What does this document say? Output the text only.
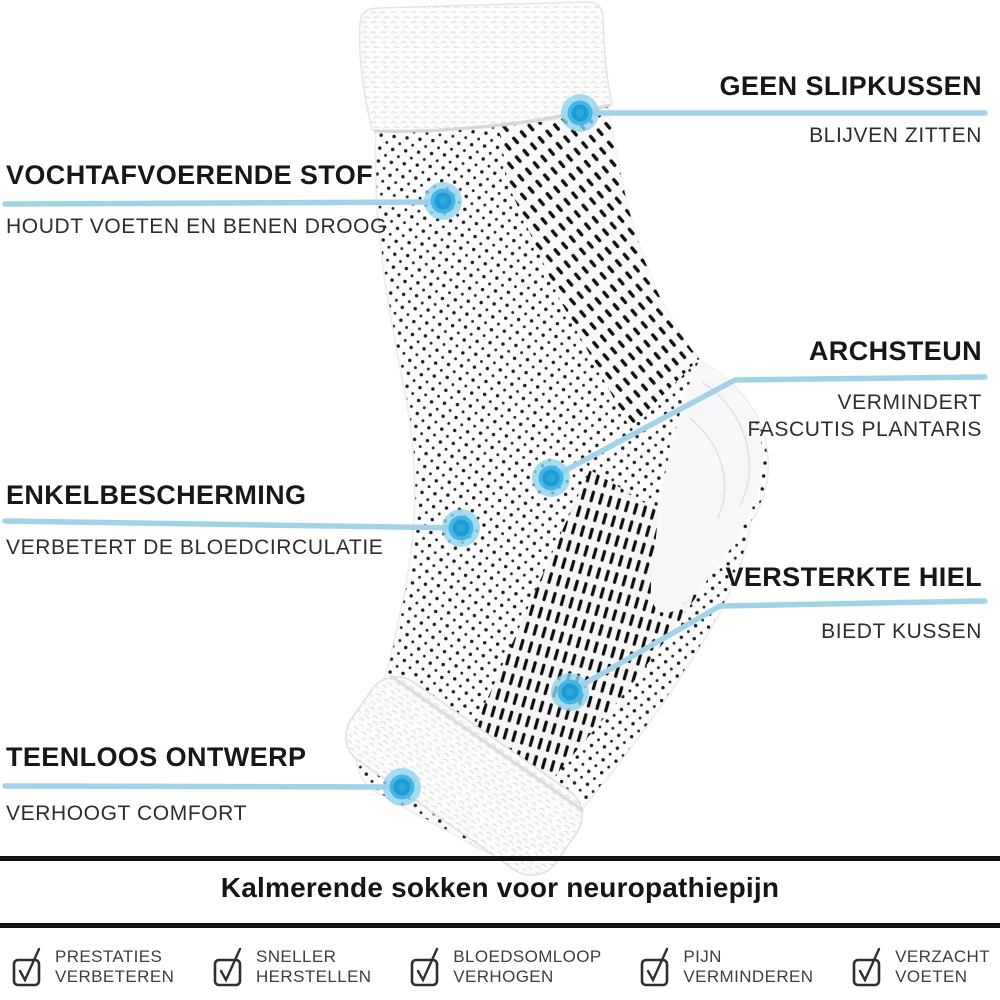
GEEN SLIPKUSSEN
BLIJVEN ZITTEN
VOCHTAFVOERENDE STOF
HOUDT VOETEN EN BENEN DROOG
ARCHSTEUN
VERMINDERT FASCUTIS PLANTARIS
ENKELBESCHERMING
VERBETERT DE BLOEDCIRCULATIE
VERSTERKTE HIEL
BIEDT KUSSEN
TEENLOOS ONTWERP
VERHOOGT COMFORT
Kalmerende sokken voor neuropathiepijn
PRESTATIES
VERBETEREN
SNELLER
HERSTELLEN
BLOEDSOMLOOP
VERHOGEN
PIJN
VERMINDEREN
VERZACHT
VOETEN
